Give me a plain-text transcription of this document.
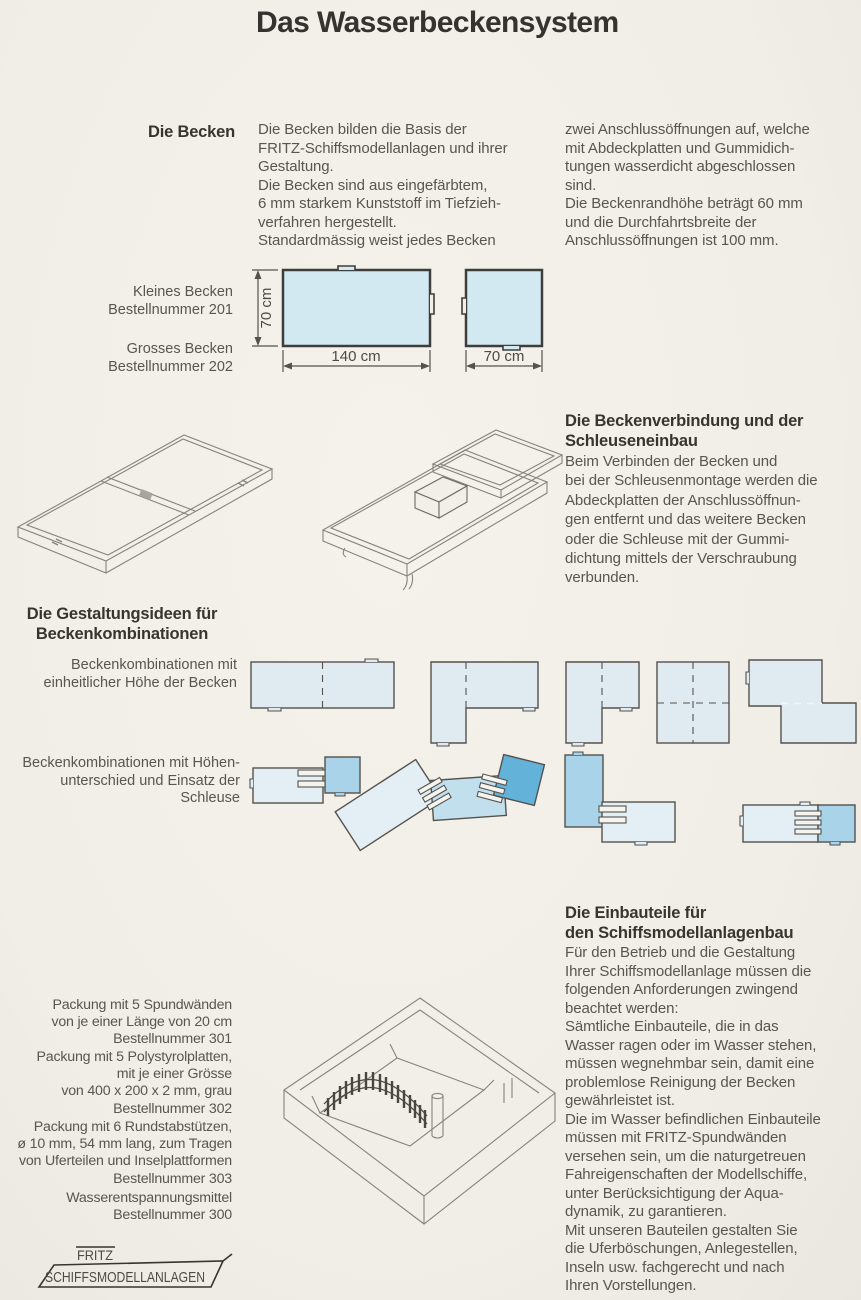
Das Wasserbeckensystem
Die Becken Die Becken bilden die Basis der
FRITZ-Schiffsmodellanlagen und ihrer
Gestaltung.
Die Becken sind aus eingefärbtem,
6 mm starkem Kunststoff im Tiefzieh-
verfahren hergestellt.
Standardmässig weist jedes Becken
zwei Anschlussöffnungen auf, welche
mit Abdeckplatten und Gummidich-
tungen wasserdicht abgeschlossen
sind.
Die Beckenrandhöhe beträgt 60 mm
und die Durchfahrtsbreite der
Anschlussöffnungen ist 100 mm.
Kleines Becken
Bestellnummer 201
Grosses Becken
Bestellnummer 202
70 cm
140 cm	70 cm
Die Beckenverbindung und der
Schleuseneinbau
Beim Verbinden der Becken und
bei der Schleusenmontage werden die
Abdeckplatten der Anschlussöffnun-
gen entfernt und das weitere Becken
oder die Schleuse mit der Gummi-
dichtung mittels der Verschraubung
verbunden.
Die Gestaltungsideen für
Beckenkombinationen
Beckenkombinationen mit
einheitlicher Höhe der Becken
Beckenkombinationen mit Höhen-
unterschied und Einsatz der Schleuse
Die Einbauteile für
den Schiffsmodellanlagenbau
Für den Betrieb und die Gestaltung
Ihrer Schiffsmodellanlage müssen die
folgenden Anforderungen zwingend
beachtet werden:
Sämtliche Einbauteile, die in das
Wasser ragen oder im Wasser stehen,
müssen wegnehmbar sein, damit eine
problemlose Reinigung der Becken
gewährleistet ist.
Die im Wasser befindlichen Einbauteile
müssen mit FRITZ-Spundwänden
versehen sein, um die naturgetreuen
Fahreigenschaften der Modellschiffe,
unter Berücksichtigung der Aqua-
dynamik, zu garantieren.
Mit unseren Bauteilen gestalten Sie
die Uferböschungen, Anlegestellen,
Inseln usw. fachgerecht und nach
Ihren Vorstellungen.
Packung mit 5 Spundwänden
von je einer Länge von 20 cm
Bestellnummer 301
Packung mit 5 Polystyrolplatten,
mit je einer Grösse
von 400 x 200 x 2 mm, grau
Bestellnummer 302
Packung mit 6 Rundstabstützen,
ø 10 mm, 54 mm lang, zum Tragen
von Uferteilen und Inselplattformen
Bestellnummer 303
Wasserentspannungsmittel
Bestellnummer 300
FRITZ
SCHIFFSMODELLANLAGEN
